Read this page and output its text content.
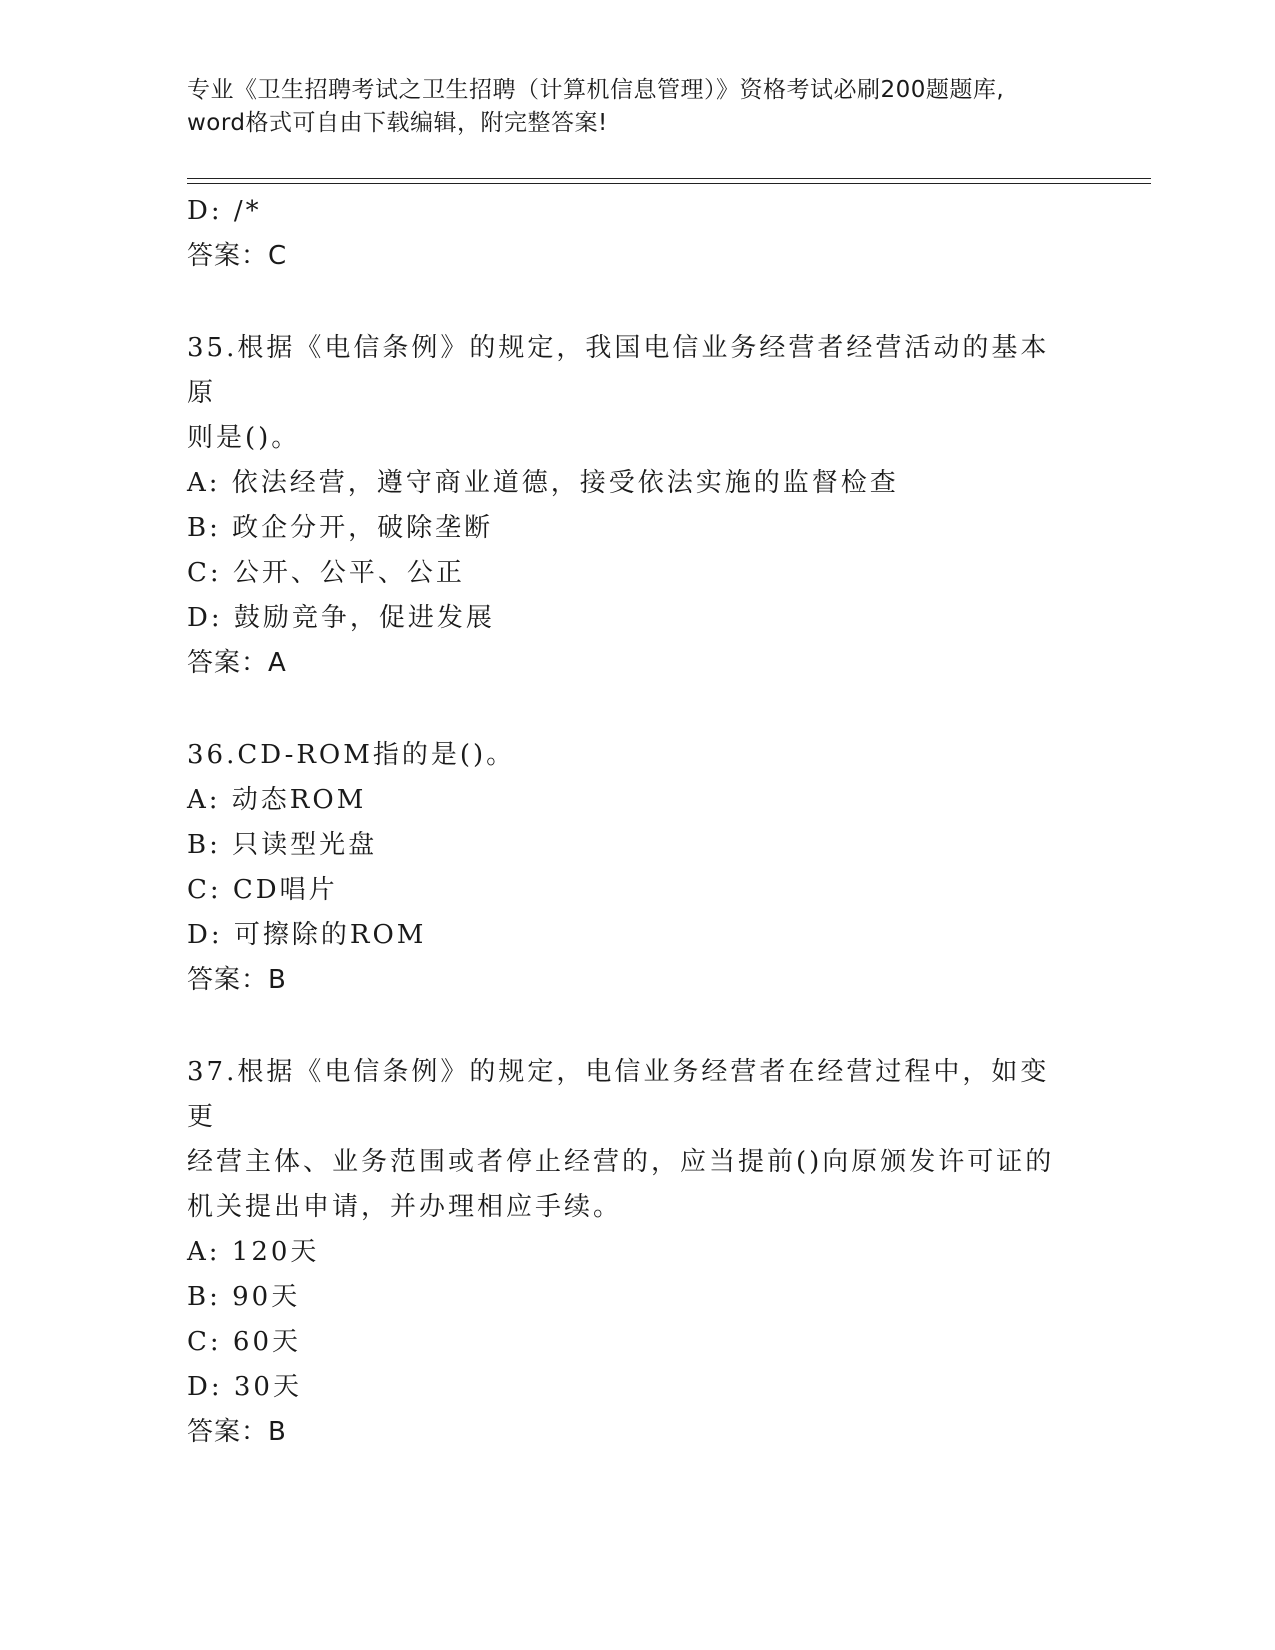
专业《卫生招聘考试之卫生招聘（计算机信息管理）》资格考试必刷200题题库,
word格式可自由下载编辑，附完整答案!
D: /*
答案：C
35.根据《电信条例》的规定，我国电信业务经营者经营活动的基本原
则是()。
A: 依法经营，遵守商业道德，接受依法实施的监督检查
B: 政企分开，破除垄断
C: 公开、公平、公正
D: 鼓励竞争，促进发展
答案：A
36.CD-ROM指的是()。
A: 动态ROM
B: 只读型光盘
C: CD唱片
D: 可擦除的ROM
答案：B
37.根据《电信条例》的规定，电信业务经营者在经营过程中，如变更
经营主体、业务范围或者停止经营的，应当提前()向原颁发许可证的
机关提出申请，并办理相应手续。
A: 120天
B: 90天
C: 60天
D: 30天
答案：B
